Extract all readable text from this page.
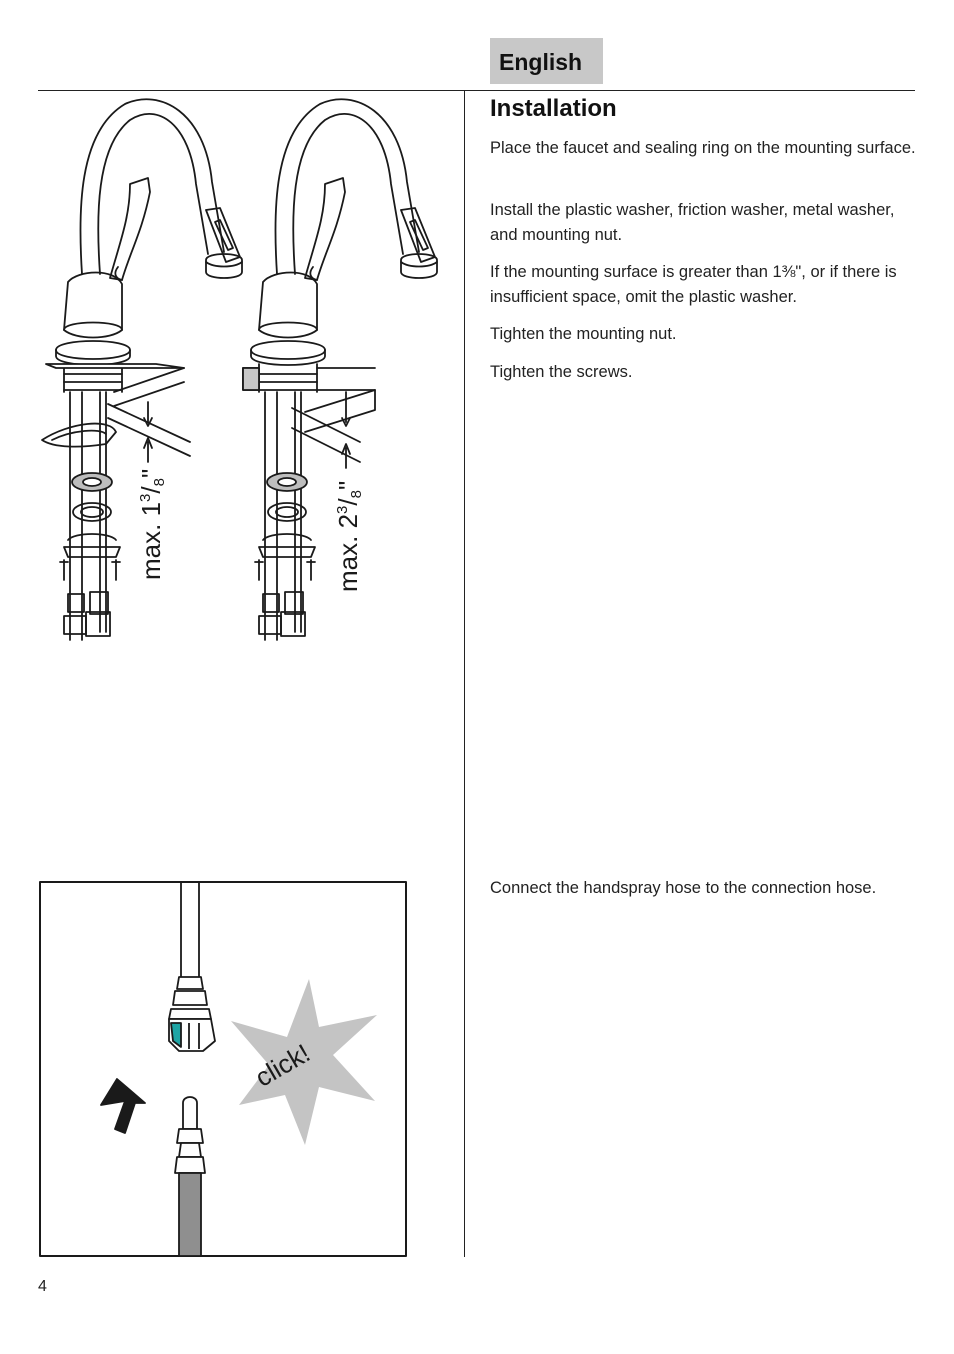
English
Installation

Place the faucet and sealing ring on the mounting surface.

Install the plastic washer, friction washer, metal washer, and mounting nut.

If the mounting surface is greater than 1⅜", or if there is insufficient space, omit the plastic washer.

Tighten the mounting nut.

Tighten the screws.

Connect the handspray hose to the connection hose.

max. $1^3/8$"
max. $2^3/8$"
click!
4
